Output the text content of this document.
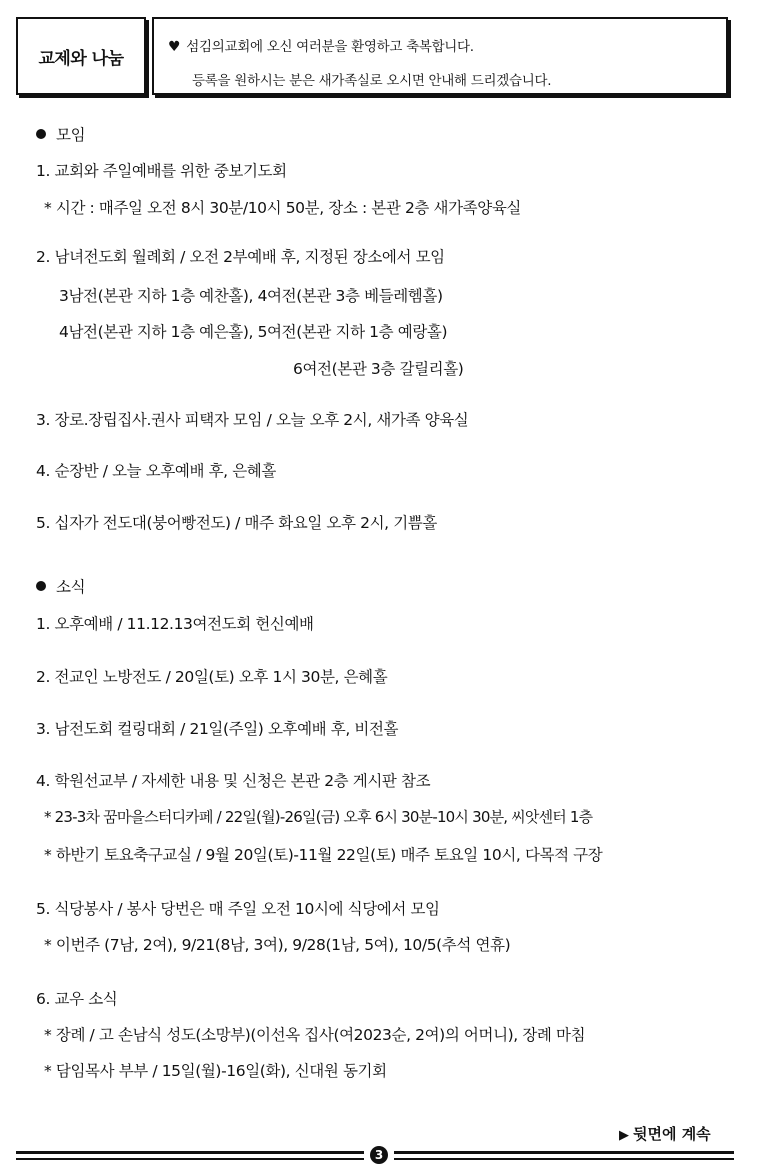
교제와 나눔
♥ 섬김의교회에 오신 여러분을 환영하고 축복합니다.
등록을 원하시는 분은 새가족실로 오시면 안내해 드리겠습니다.
모임
1. 교회와 주일예배를 위한 중보기도회
* 시간 : 매주일 오전 8시 30분/10시 50분, 장소 : 본관 2층 새가족양육실
2. 남녀전도회 월례회 / 오전 2부예배 후, 지정된 장소에서 모임
3남전(본관 지하 1층 예찬홀), 4여전(본관 3층 베들레헴홀)
4남전(본관 지하 1층 예은홀), 5여전(본관 지하 1층 예랑홀)
6여전(본관 3층 갈릴리홀)
3. 장로.장립집사.권사 피택자 모임 / 오늘 오후 2시, 새가족 양육실
4. 순장반 / 오늘 오후예배 후, 은혜홀
5. 십자가 전도대(붕어빵전도) / 매주 화요일 오후 2시, 기쁨홀
소식
1. 오후예배 / 11.12.13여전도회 헌신예배
2. 전교인 노방전도 / 20일(토) 오후 1시 30분, 은혜홀
3. 남전도회 컬링대회 / 21일(주일) 오후예배 후, 비전홀
4. 학원선교부 / 자세한 내용 및 신청은 본관 2층 게시판 참조
* 23-3차 꿈마을스터디카페 / 22일(월)-26일(금) 오후 6시 30분-10시 30분, 씨앗센터 1층
* 하반기 토요축구교실 / 9월 20일(토)-11월 22일(토) 매주 토요일 10시, 다목적 구장
5. 식당봉사 / 봉사 당번은 매 주일 오전 10시에 식당에서 모임
* 이번주 (7남, 2여), 9/21(8남, 3여), 9/28(1남, 5여), 10/5(추석 연휴)
6. 교우 소식
* 장례 / 고 손남식 성도(소망부)(이선옥 집사(여2023순, 2여)의 어머니), 장례 마침
* 담임목사 부부 / 15일(월)-16일(화), 신대원 동기회
▶ 뒷면에 계속
3
